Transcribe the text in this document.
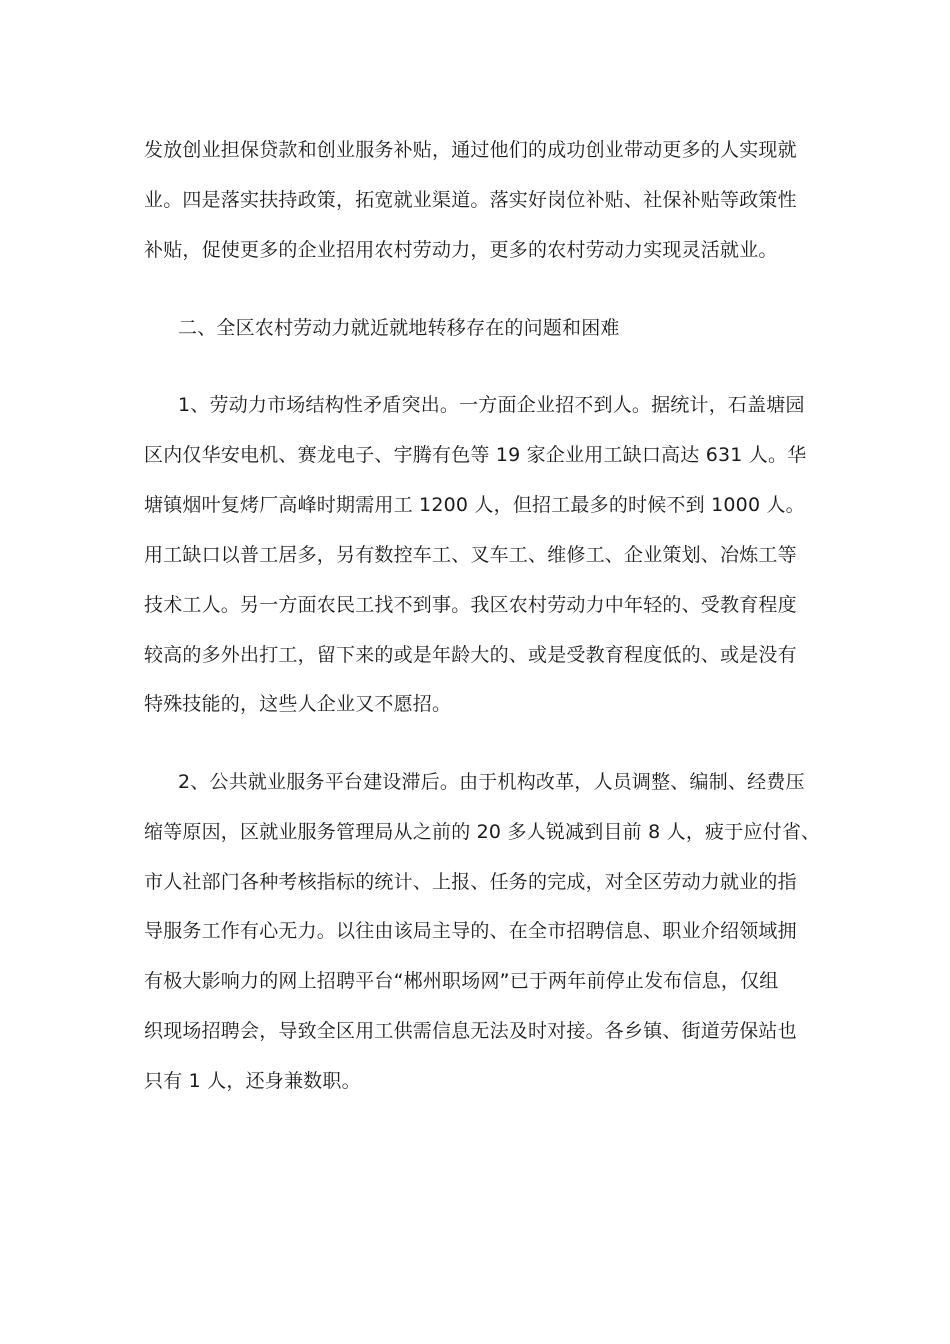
发放创业担保贷款和创业服务补贴，通过他们的成功创业带动更多的人实现就
业。四是落实扶持政策，拓宽就业渠道。落实好岗位补贴、社保补贴等政策性
补贴，促使更多的企业招用农村劳动力，更多的农村劳动力实现灵活就业。
二、全区农村劳动力就近就地转移存在的问题和困难
1、劳动力市场结构性矛盾突出。一方面企业招不到人。据统计，石盖塘园
区内仅华安电机、赛龙电子、宇腾有色等 19 家企业用工缺口高达 631 人。华
塘镇烟叶复烤厂高峰时期需用工 1200 人，但招工最多的时候不到 1000 人。
用工缺口以普工居多，另有数控车工、叉车工、维修工、企业策划、冶炼工等
技术工人。另一方面农民工找不到事。我区农村劳动力中年轻的、受教育程度
较高的多外出打工，留下来的或是年龄大的、或是受教育程度低的、或是没有
特殊技能的，这些人企业又不愿招。
2、公共就业服务平台建设滞后。由于机构改革，人员调整、编制、经费压
缩等原因，区就业服务管理局从之前的 20 多人锐减到目前 8 人，疲于应付省、
市人社部门各种考核指标的统计、上报、任务的完成，对全区劳动力就业的指
导服务工作有心无力。以往由该局主导的、在全市招聘信息、职业介绍领域拥
有极大影响力的网上招聘平台“郴州职场网”已于两年前停止发布信息，仅组
织现场招聘会，导致全区用工供需信息无法及时对接。各乡镇、街道劳保站也
只有 1 人，还身兼数职。
